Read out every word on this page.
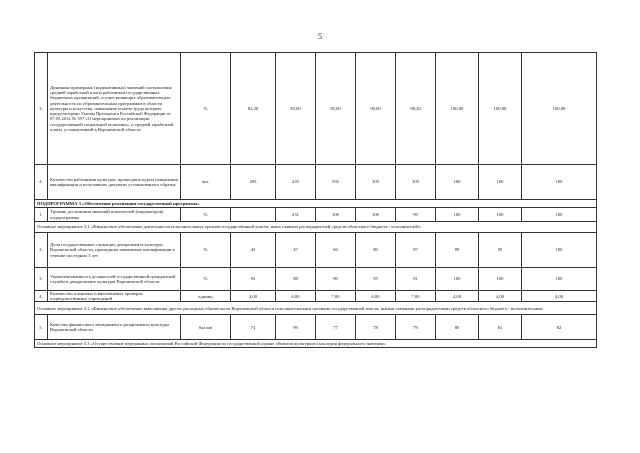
5
3.	Динамика примерных (индикативных) значений соотношения средней заработной платы работников государственных бюджетных организаций, осуществляющих образовательную деятельность по образовательным программам в области культуры и искусства, повышение оплаты труда которых предусмотрено Указом Президента Российской Федерации от 07.05.2012 № 597 «О мероприятиях по реализации государственной социальной политики», и средней заработной платы, установленной в Воронежской области	%	82,20	83,00	85,00	90,00	98,20	100,00	100,00	100,00
4.	Количество работников культуры, прошедших курсы повышения квалификации и получивших документ установленного образца	чел.	493	435	592	105	105	100	100	100
ПОДПРОГРАММА 3 «Обеспечение реализации государственной программы»										
1.	Уровень достижения значений показателей (индикаторов) подпрограммы	%		231	100	100	99	100	100	100
Основное мероприятие 3.1 «Финансовое обеспечение деятельности исполнительных органов государственной власти, иных главных распорядителей средств областного бюджета - исполнителей»										
2.	Доля государственных служащих департамента культуры Воронежской области, прошедших повышение квалификации в течение последних 3 лет	%	43	47	66	80	87	89	95	100
3.	Укомплектованность должностей государственной гражданской службы в департаменте культуры Воронежской области	%	93	88	90	95	91	100	100	100
4.	Количество плановых и внеплановых проверок подведомственных учреждений	единиц	4,00	6,00	7,00	6,00	7,00	4,00	4,00	4,00
Основное мероприятие 3.2 «Финансовое обеспечение выполнения других расходных обязательств Воронежской области исполнительными органами государственной власти, иными главными распорядителями средств областного бюджета - исполнителями»										
5.	Качество финансового менеджмента департамента культуры Воронежской области	баллов	74	99	77	78	79	80	81	82
Основное мероприятие 3.3 «Осуществление переданных полномочий Российской Федерации по государственной охране объектов культурного наследия федерального значения»										
